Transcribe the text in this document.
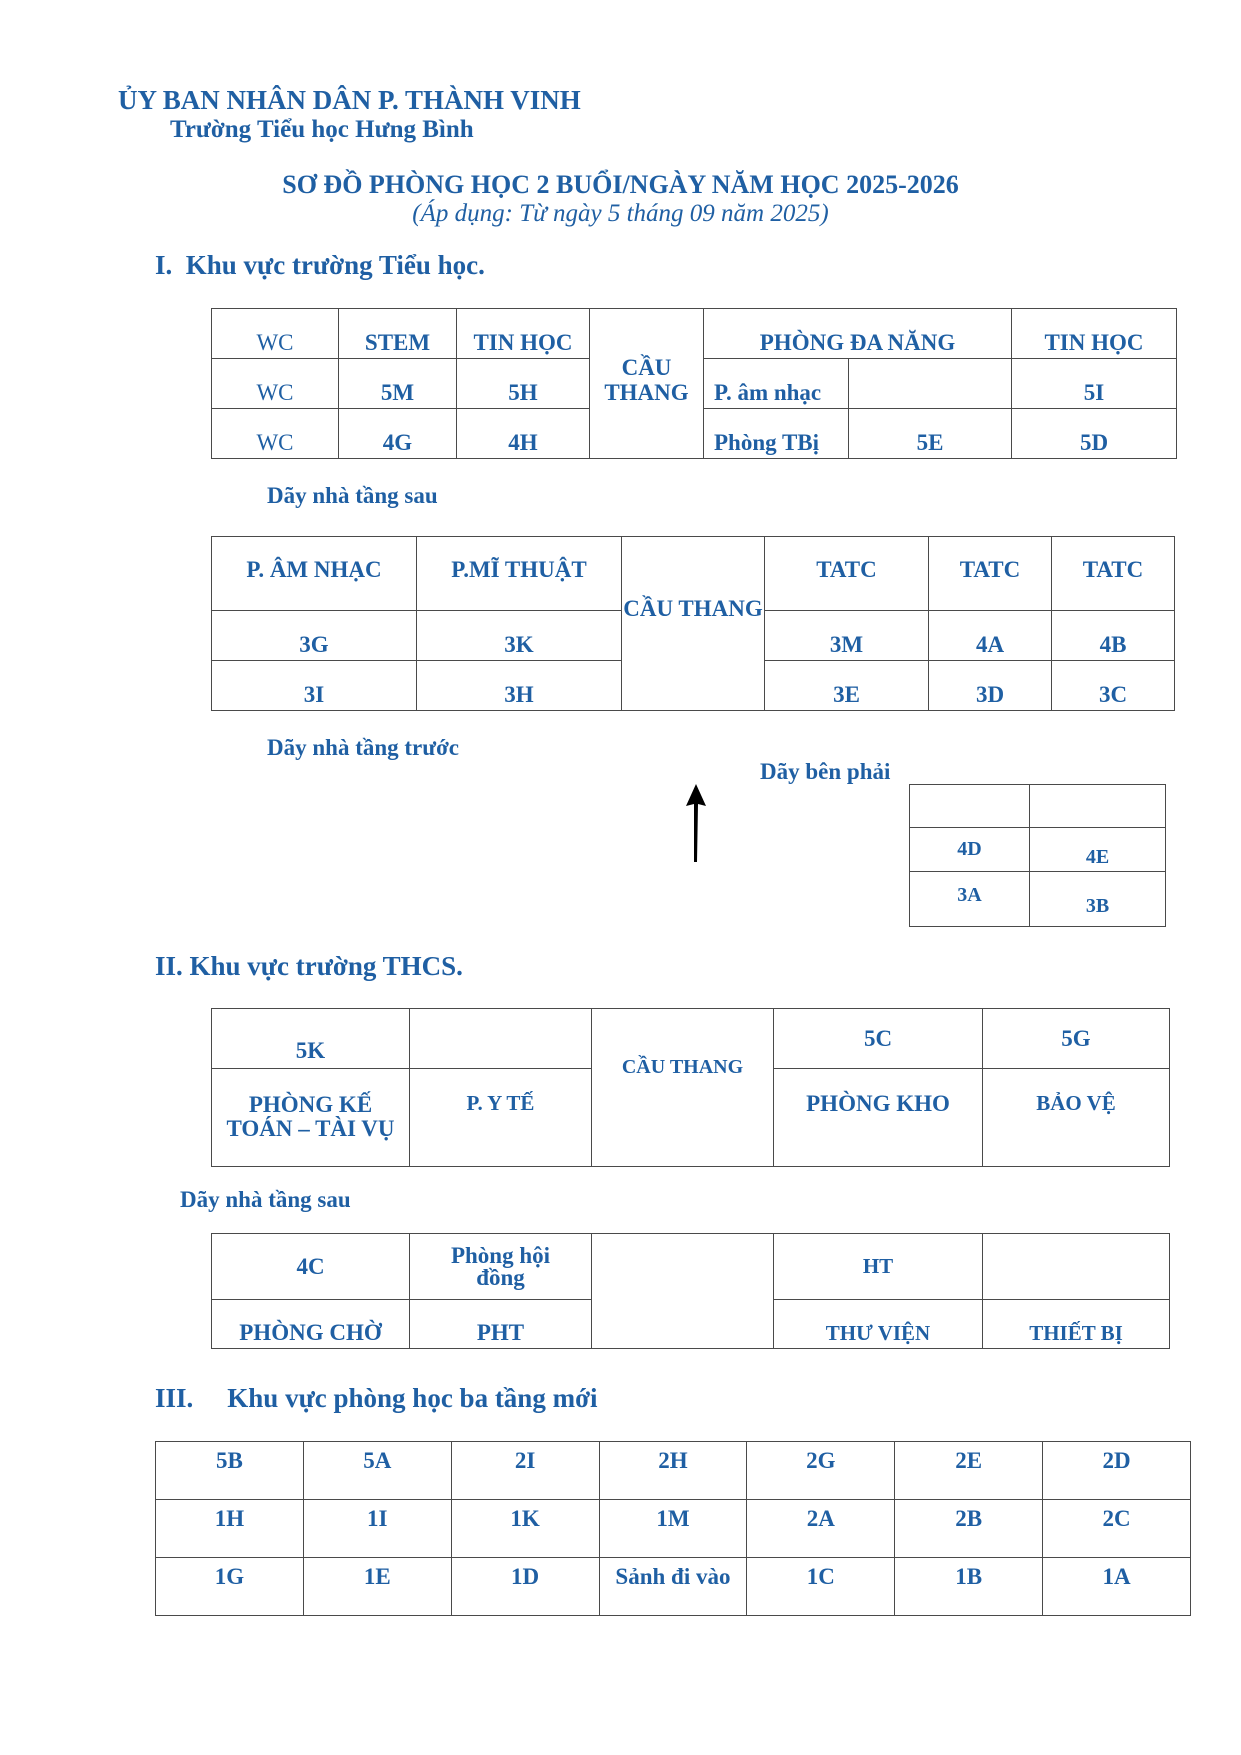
ỦY BAN NHÂN DÂN P. THÀNH VINH
Trường Tiểu học Hưng Bình
SƠ ĐỒ PHÒNG HỌC 2 BUỔI/NGÀY NĂM HỌC 2025-2026
(Áp dụng: Từ ngày 5 tháng 09 năm 2025)
I. Khu vực trường Tiểu học.
WC	STEM	TIN HỌC	CẦU THANG	PHÒNG ĐA NĂNG		TIN HỌC
WC	5M	5H		P. âm nhạc		5I
WC	4G	4H		Phòng TBị	5E	5D
Dãy nhà tầng sau
P. ÂM NHẠC	P.MĨ THUẬT	CẦU THANG	TATC	TATC	TATC
3G	3K		3M	4A	4B
3I	3H		3E	3D	3C
Dãy nhà tầng trước
Dãy bên phải

4D	4E
3A	3B
II. Khu vực trường THCS.
5K		CẦU THANG	5C	5G
PHÒNG KẾ TOÁN – TÀI VỤ	P. Y TẾ		PHÒNG KHO	BẢO VỆ
Dãy nhà tầng sau
4C	Phòng hội đồng		HT	
PHÒNG CHỜ	PHT		THƯ VIỆN	THIẾT BỊ
III. Khu vực phòng học ba tầng mới
5B	5A	2I	2H	2G	2E	2D
1H	1I	1K	1M	2A	2B	2C
1G	1E	1D	Sảnh đi vào	1C	1B	1A
